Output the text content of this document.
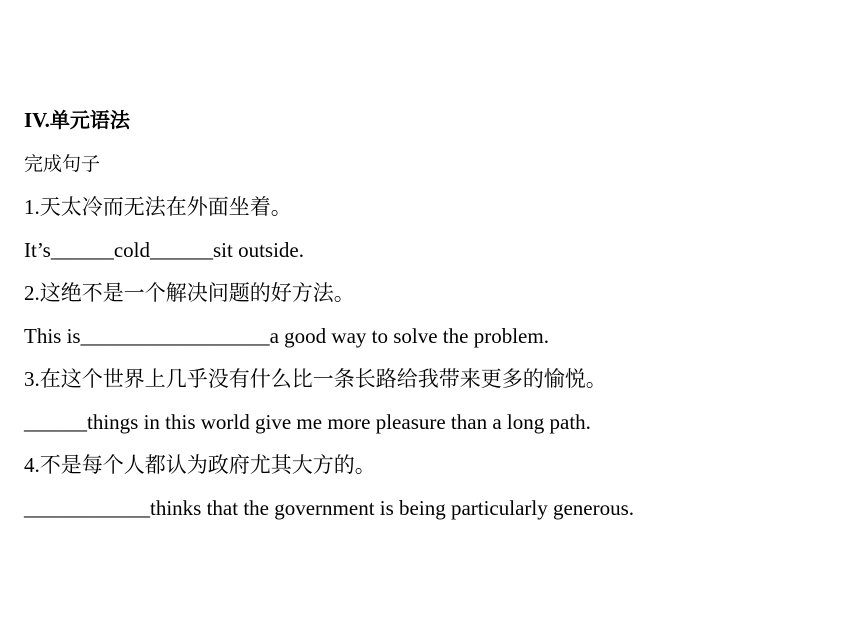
IV.单元语法
完成句子
1.天太冷而无法在外面坐着。
It’s______cold______sit outside.
2.这绝不是一个解决问题的好方法。
This is__________________a good way to solve the problem.
3.在这个世界上几乎没有什么比一条长路给我带来更多的愉悦。
______things in this world give me more pleasure than a long path.
4.不是每个人都认为政府尤其大方的。
____________thinks that the government is being particularly generous.
